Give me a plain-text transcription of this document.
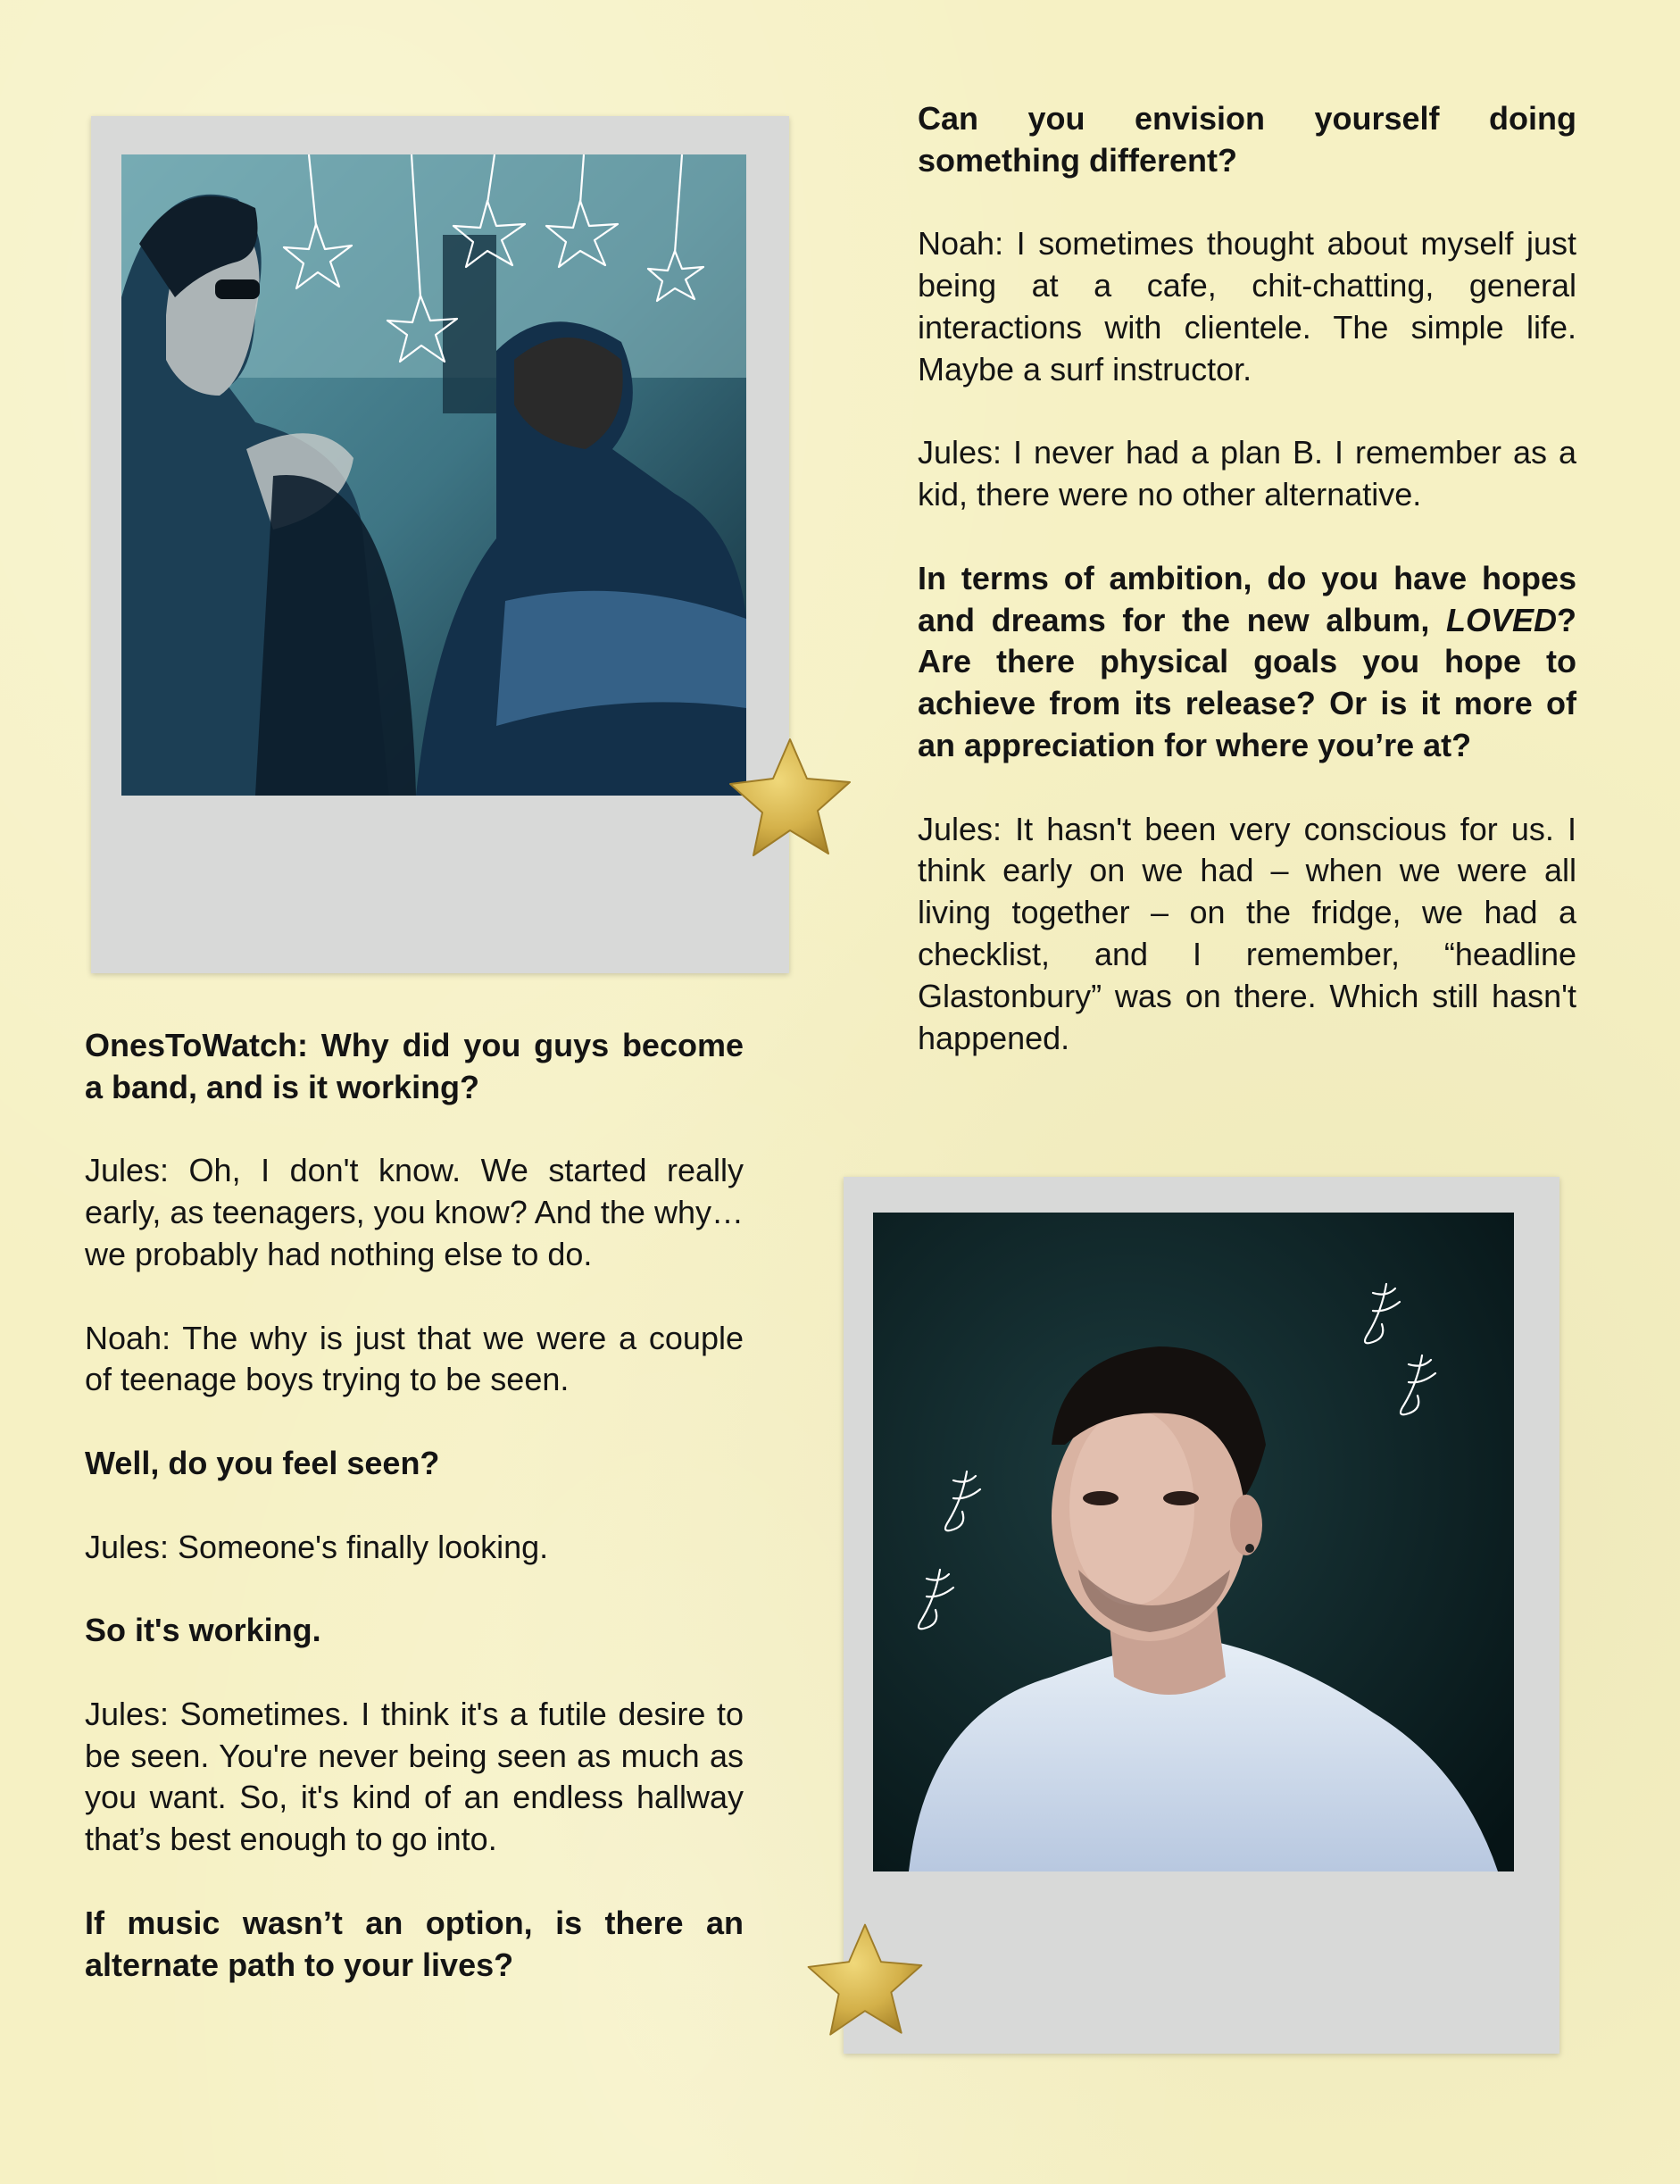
Can you envision yourself doing something different?

Noah: I sometimes thought about myself just being at a cafe, chit-chatting, general interactions with clientele. The simple life. Maybe a surf instructor.

Jules: I never had a plan B. I remember as a kid, there were no other alternative.

In terms of ambition, do you have hopes and dreams for the new album, LOVED? Are there physical goals you hope to achieve from its release? Or is it more of an appreciation for where you’re at?

Jules: It hasn't been very conscious for us. I think early on we had – when we were all living together – on the fridge, we had a checklist, and I remember, “headline Glastonbury” was on there. Which still hasn't happened.

OnesToWatch: Why did you guys become a band, and is it working?

Jules: Oh, I don't know. We started really early, as teenagers, you know? And the why… we probably had nothing else to do.

Noah: The why is just that we were a couple of teenage boys trying to be seen.

Well, do you feel seen?

Jules: Someone's finally looking.

So it's working.

Jules: Sometimes. I think it's a futile desire to be seen. You're never being seen as much as you want. So, it's kind of an endless hallway that’s best enough to go into.

If music wasn’t an option, is there an alternate path to your lives?
